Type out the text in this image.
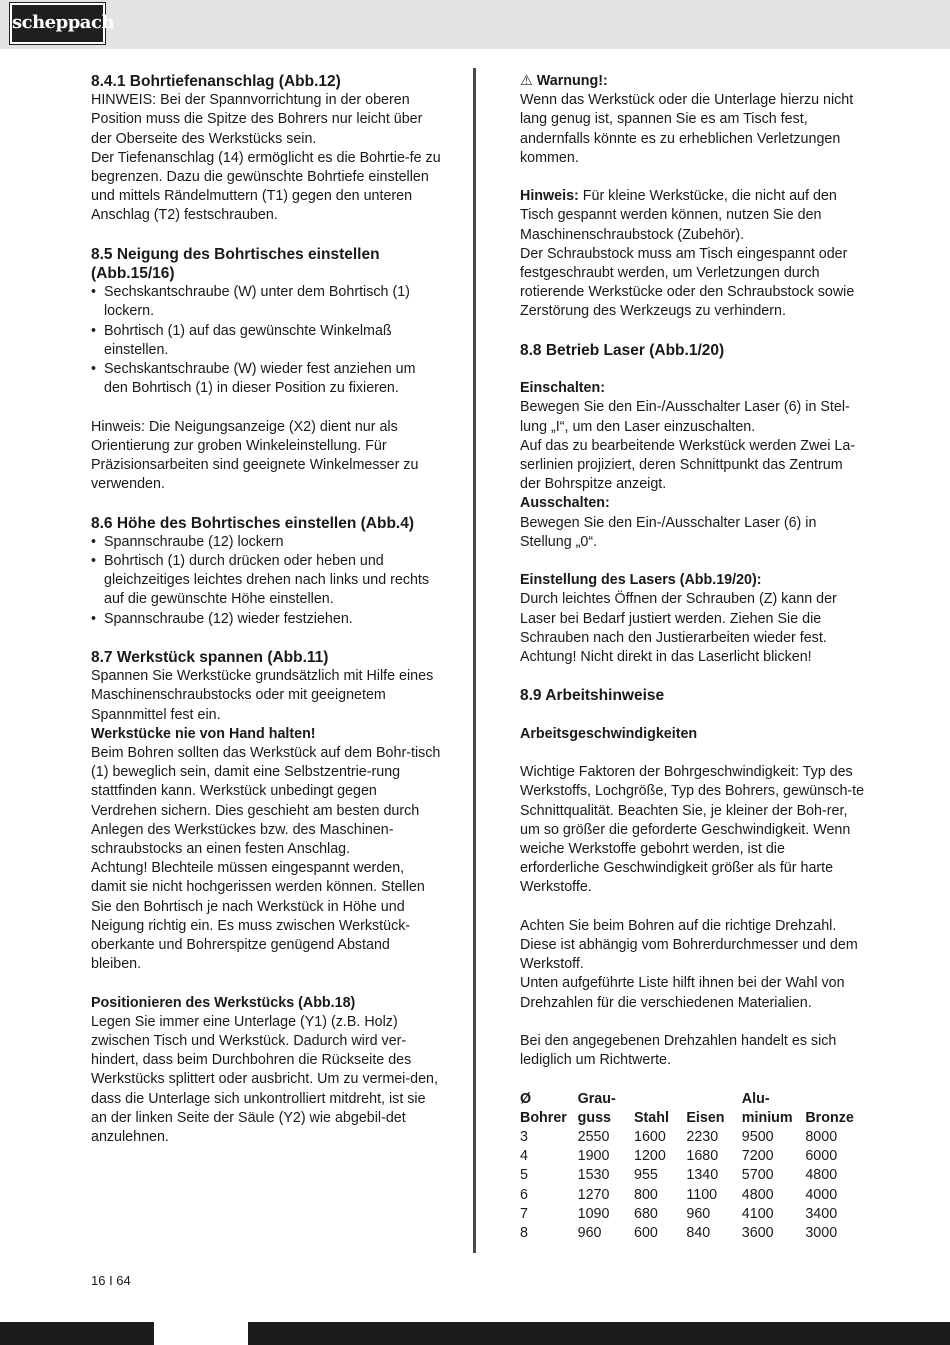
scheppach
8.4.1 Bohrtiefenanschlag (Abb.12)

HINWEIS: Bei der Spannvorrichtung in der oberen Position muss die Spitze des Bohrers nur leicht über der Oberseite des Werkstücks sein.

Der Tiefenanschlag (14) ermöglicht es die Bohrtie-fe zu begrenzen. Dazu die gewünschte Bohrtiefe einstellen und mittels Rändelmuttern (T1) gegen den unteren Anschlag (T2) festschrauben.

8.5 Neigung des Bohrtisches einstellen (Abb.15/16)
• Sechskantschraube (W) unter dem Bohrtisch (1) lockern.
• Bohrtisch (1) auf das gewünschte Winkelmaß einstellen.
• Sechskantschraube (W) wieder fest anziehen um den Bohrtisch (1) in dieser Position zu fixieren.

Hinweis: Die Neigungsanzeige (X2) dient nur als Orientierung zur groben Winkeleinstellung. Für Präzisionsarbeiten sind geeignete Winkelmesser zu verwenden.

8.6 Höhe des Bohrtisches einstellen (Abb.4)
• Spannschraube (12) lockern
• Bohrtisch (1) durch drücken oder heben und gleichzeitiges leichtes drehen nach links und rechts auf die gewünschte Höhe einstellen.
• Spannschraube (12) wieder festziehen.
8.7 Werkstück spannen (Abb.11)

Spannen Sie Werkstücke grundsätzlich mit Hilfe eines Maschinenschraubstocks oder mit geeignetem Spannmittel fest ein.

Werkstücke nie von Hand halten!

Beim Bohren sollten das Werkstück auf dem Bohr-tisch (1) beweglich sein, damit eine Selbstzentrie-rung stattfinden kann. Werkstück unbedingt gegen Verdrehen sichern. Dies geschieht am besten durch Anlegen des Werkstückes bzw. des Maschinen-schraubstocks an einen festen Anschlag.

Achtung! Blechteile müssen eingespannt werden, damit sie nicht hochgerissen werden können. Stellen Sie den Bohrtisch je nach Werkstück in Höhe und Neigung richtig ein. Es muss zwischen Werkstück-oberkante und Bohrerspitze genügend Abstand bleiben.

Positionieren des Werkstücks (Abb.18)

Legen Sie immer eine Unterlage (Y1) (z.B. Holz) zwischen Tisch und Werkstück. Dadurch wird ver-hindert, dass beim Durchbohren die Rückseite des Werkstücks splittert oder ausbricht. Um zu vermei-den, dass die Unterlage sich unkontrolliert mitdreht, ist sie an der linken Seite der Säule (Y2) wie abgebil-det anzulehnen.

⚠ Warnung!:

Wenn das Werkstück oder die Unterlage hierzu nicht lang genug ist, spannen Sie es am Tisch fest, andernfalls könnte es zu erheblichen Verletzungen kommen.

Hinweis: Für kleine Werkstücke, die nicht auf den Tisch gespannt werden können, nutzen Sie den Maschinenschraubstock (Zubehör).

Der Schraubstock muss am Tisch eingespannt oder festgeschraubt werden, um Verletzungen durch rotierende Werkstücke oder den Schraubstock sowie Zerstörung des Werkzeugs zu verhindern.

8.8 Betrieb Laser (Abb.1/20)

Einschalten:

Bewegen Sie den Ein-/Ausschalter Laser (6) in Stel-lung „I“, um den Laser einzuschalten.

Auf das zu bearbeitende Werkstück werden Zwei La-serlinien projiziert, deren Schnittpunkt das Zentrum der Bohrspitze anzeigt.

Ausschalten:

Bewegen Sie den Ein-/Ausschalter Laser (6) in Stellung „0“.

Einstellung des Lasers (Abb.19/20):

Durch leichtes Öffnen der Schrauben (Z) kann der Laser bei Bedarf justiert werden. Ziehen Sie die Schrauben nach den Justierarbeiten wieder fest. Achtung! Nicht direkt in das Laserlicht blicken!

8.9 Arbeitshinweise

Arbeitsgeschwindigkeiten

Wichtige Faktoren der Bohrgeschwindigkeit: Typ des Werkstoffs, Lochgröße, Typ des Bohrers, gewünsch-te Schnittqualität. Beachten Sie, je kleiner der Boh-rer, um so größer die geforderte Geschwindigkeit. Wenn weiche Werkstoffe gebohrt werden, ist die erforderliche Geschwindigkeit größer als für harte Werkstoffe.

Achten Sie beim Bohren auf die richtige Drehzahl. Diese ist abhängig vom Bohrerdurchmesser und dem Werkstoff.

Unten aufgeführte Liste hilft ihnen bei der Wahl von Drehzahlen für die verschiedenen Materialien.

Bei den angegebenen Drehzahlen handelt es sich lediglich um Richtwerte.

Ø	Grau-			Alu-	
Bohrer	guss	Stahl	Eisen	minium	Bronze
3	2550	1600	2230	9500	8000
4	1900	1200	1680	7200	6000
5	1530	955	1340	5700	4800
6	1270	800	1100	4800	4000
7	1090	680	960	4100	3400
8	960	600	840	3600	3000
16 I 64
